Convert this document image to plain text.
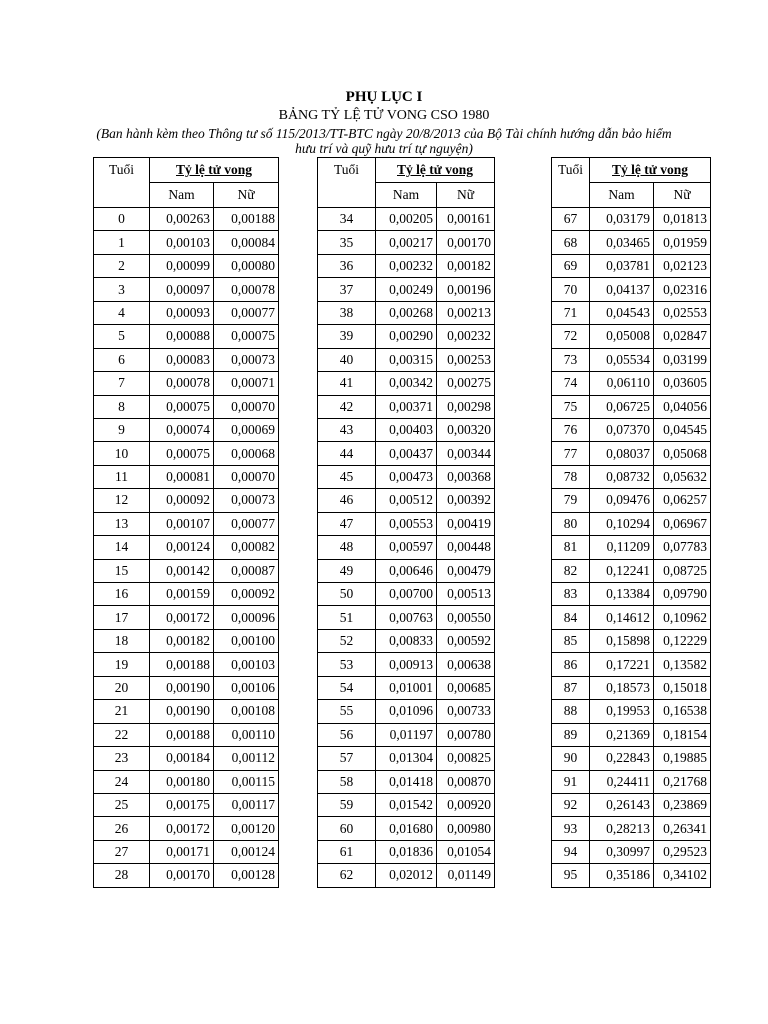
PHỤ LỤC I
BẢNG TỶ LỆ TỬ VONG CSO 1980
(Ban hành kèm theo Thông tư số 115/2013/TT-BTC ngày 20/8/2013 của Bộ Tài chính hướng dẫn bảo hiểm hưu trí và quỹ hưu trí tự nguyện)
Tuổi	Tỷ lệ tử vong	
	Nam	Nữ
0	0,00263	0,00188
1	0,00103	0,00084
2	0,00099	0,00080
3	0,00097	0,00078
4	0,00093	0,00077
5	0,00088	0,00075
6	0,00083	0,00073
7	0,00078	0,00071
8	0,00075	0,00070
9	0,00074	0,00069
10	0,00075	0,00068
11	0,00081	0,00070
12	0,00092	0,00073
13	0,00107	0,00077
14	0,00124	0,00082
15	0,00142	0,00087
16	0,00159	0,00092
17	0,00172	0,00096
18	0,00182	0,00100
19	0,00188	0,00103
20	0,00190	0,00106
21	0,00190	0,00108
22	0,00188	0,00110
23	0,00184	0,00112
24	0,00180	0,00115
25	0,00175	0,00117
26	0,00172	0,00120
27	0,00171	0,00124
28	0,00170	0,00128
Tuổi	Tỷ lệ tử vong	
	Nam	Nữ
34	0,00205	0,00161
35	0,00217	0,00170
36	0,00232	0,00182
37	0,00249	0,00196
38	0,00268	0,00213
39	0,00290	0,00232
40	0,00315	0,00253
41	0,00342	0,00275
42	0,00371	0,00298
43	0,00403	0,00320
44	0,00437	0,00344
45	0,00473	0,00368
46	0,00512	0,00392
47	0,00553	0,00419
48	0,00597	0,00448
49	0,00646	0,00479
50	0,00700	0,00513
51	0,00763	0,00550
52	0,00833	0,00592
53	0,00913	0,00638
54	0,01001	0,00685
55	0,01096	0,00733
56	0,01197	0,00780
57	0,01304	0,00825
58	0,01418	0,00870
59	0,01542	0,00920
60	0,01680	0,00980
61	0,01836	0,01054
62	0,02012	0,01149
Tuổi	Tỷ lệ tử vong	
	Nam	Nữ
67	0,03179	0,01813
68	0,03465	0,01959
69	0,03781	0,02123
70	0,04137	0,02316
71	0,04543	0,02553
72	0,05008	0,02847
73	0,05534	0,03199
74	0,06110	0,03605
75	0,06725	0,04056
76	0,07370	0,04545
77	0,08037	0,05068
78	0,08732	0,05632
79	0,09476	0,06257
80	0,10294	0,06967
81	0,11209	0,07783
82	0,12241	0,08725
83	0,13384	0,09790
84	0,14612	0,10962
85	0,15898	0,12229
86	0,17221	0,13582
87	0,18573	0,15018
88	0,19953	0,16538
89	0,21369	0,18154
90	0,22843	0,19885
91	0,24411	0,21768
92	0,26143	0,23869
93	0,28213	0,26341
94	0,30997	0,29523
95	0,35186	0,34102
